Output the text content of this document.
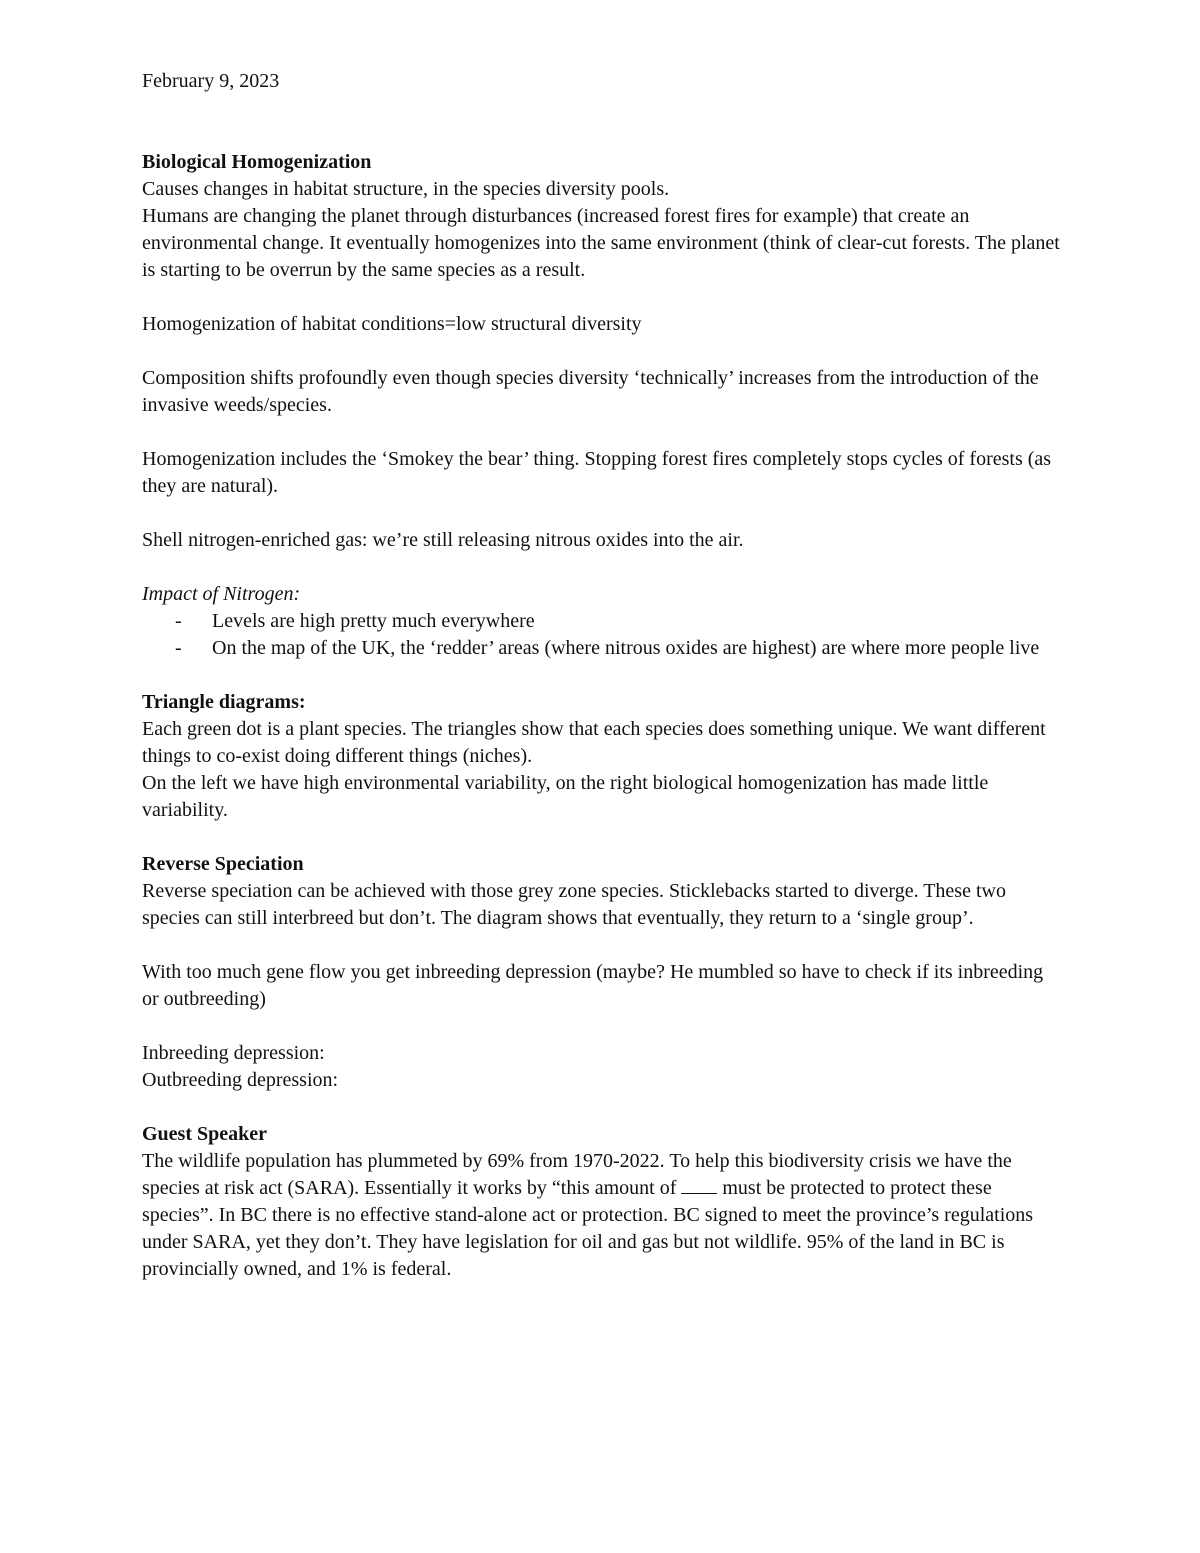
February 9, 2023

Biological Homogenization

Causes changes in habitat structure, in the species diversity pools.

Humans are changing the planet through disturbances (increased forest fires for example) that create an environmental change. It eventually homogenizes into the same environment (think of clear-cut forests. The planet is starting to be overrun by the same species as a result.

Homogenization of habitat conditions=low structural diversity

Composition shifts profoundly even though species diversity ‘technically’ increases from the introduction of the invasive weeds/species.

Homogenization includes the ‘Smokey the bear’ thing. Stopping forest fires completely stops cycles of forests (as they are natural).

Shell nitrogen-enriched gas: we’re still releasing nitrous oxides into the air.

Impact of Nitrogen:

- Levels are high pretty much everywhere
- On the map of the UK, the ‘redder’ areas (where nitrous oxides are highest) are where more people live

Triangle diagrams:

Each green dot is a plant species. The triangles show that each species does something unique. We want different things to co-exist doing different things (niches).

On the left we have high environmental variability, on the right biological homogenization has made little variability.

Reverse Speciation

Reverse speciation can be achieved with those grey zone species. Sticklebacks started to diverge. These two species can still interbreed but don’t. The diagram shows that eventually, they return to a ‘single group’.

With too much gene flow you get inbreeding depression (maybe? He mumbled so have to check if its inbreeding or outbreeding)

Inbreeding depression:

Outbreeding depression:

Guest Speaker

The wildlife population has plummeted by 69% from 1970-2022. To help this biodiversity crisis we have the species at risk act (SARA). Essentially it works by “this amount of  must be protected to protect these species”. In BC there is no effective stand-alone act or protection. BC signed to meet the province’s regulations under SARA, yet they don’t. They have legislation for oil and gas but not wildlife. 95% of the land in BC is provincially owned, and 1% is federal.
